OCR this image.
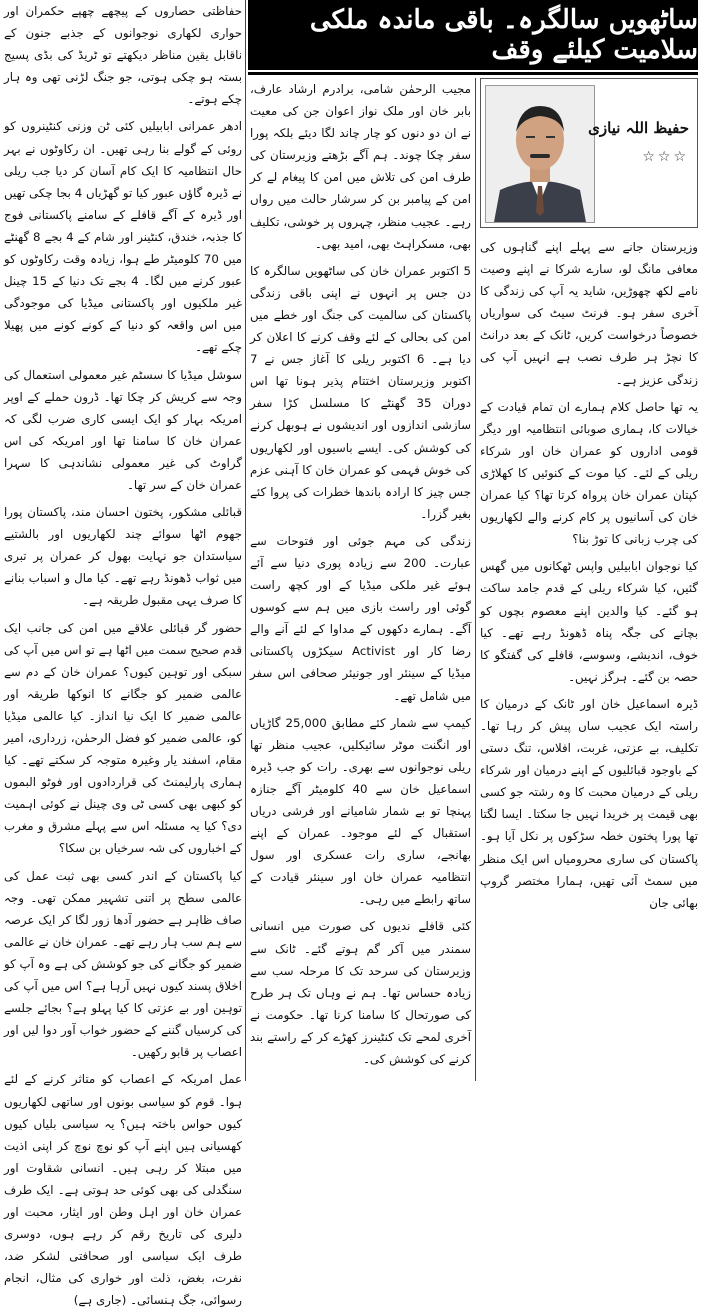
حفاظتی حصاروں کے پیچھے چھپے حکمران اور حواری لکھاری نوجوانوں کے جذبے جنون کے ناقابل یقین مناظر دیکھتے تو ٹریڈ کی بڈی پسیج بستہ ہو چکی ہوتی، جو جنگ لڑنی تھی وہ ہار چکے ہوتے۔

ادھر عمرانی ابابیلیں کئی ٹن وزنی کنٹینروں کو روئی کے گولے بنا رہی تھیں۔ ان رکاوٹوں نے بہر حال انتظامیہ کا ایک کام آسان کر دیا جب ریلی نے ڈیرہ گاؤں عبور کیا تو گھڑیاں 4 بجا چکی تھیں اور ڈیرہ کے آگے قافلے کے سامنے پاکستانی فوج کا جذبہ، خندق، کنٹینر اور شام کے 4 بجے 8 گھنٹے میں 70 کلومیٹر طے ہوا، زیادہ وقت رکاوٹوں کو عبور کرنے میں لگا۔ 4 بجے تک دنیا کے 15 چینل غیر ملکیوں اور پاکستانی میڈیا کی موجودگی میں اس واقعہ کو دنیا کے کونے کونے میں پھیلا چکے تھے۔

سوشل میڈیا کا سسٹم غیر معمولی استعمال کی وجہ سے کریش کر چکا تھا۔ ڈرون حملے کے اوپر امریکہ بہار کو ایک ایسی کاری ضرب لگی کہ عمران خان کا سامنا تھا اور امریکہ کی اس گراوٹ کی غیر معمولی نشاندہی کا سہرا عمران خان کے سر تھا۔

قبائلی مشکور، پختون احسان مند، پاکستان پورا جھوم اٹھا سوائے چند لکھاریوں اور بالشتیے سیاستدان جو نہایت بھول کر عمران پر تبری میں ثواب ڈھونڈ رہے تھے۔ کیا مال و اسباب بنانے کا صرف یہی مقبول طریقہ ہے۔

حضور گر قبائلی علاقے میں امن کی جانب ایک قدم صحیح سمت میں اٹھا ہے تو اس میں آپ کی سبکی اور توہین کیوں؟ عمران خان کے دم سے عالمی ضمیر کو جگانے کا انوکھا طریقہ اور عالمی ضمیر کا ایک نیا انداز۔ کیا عالمی میڈیا کو، عالمی ضمیر کو فضل الرحمٰن، زرداری، امیر مقام، اسفند یار وغیرہ متوجہ کر سکتے تھے۔ کیا ہماری پارلیمنٹ کی قراردادوں اور فوٹو البموں کو کبھی بھی کسی ٹی وی چینل نے کوئی اہمیت دی؟ کیا یہ مسئلہ اس سے پہلے مشرق و مغرب کے اخباروں کی شہ سرخیاں بن سکا؟

کیا پاکستان کے اندر کسی بھی ثبت عمل کی عالمی سطح پر اتنی تشہیر ممکن تھی۔ وجہ صاف ظاہر ہے حضور آدھا زور لگا کر ایک عرصہ سے ہم سب ہار رہے تھے۔ عمران خان نے عالمی ضمیر کو جگانے کی جو کوشش کی ہے وہ آپ کو اخلاق پسند کیوں نہیں آرہا ہے؟ اس میں آپ کی توہین اور بے عزتی کا کیا پہلو ہے؟ بجائے جلسے کی کرسیاں گننے کے حضور خواب آور دوا لیں اور اعصاب پر قابو رکھیں۔

عمل امریکہ کے اعصاب کو متاثر کرنے کے لئے ہوا۔ قوم کو سیاسی بونوں اور ساتھی لکھاریوں کیوں حواس باختہ ہیں؟ یہ سیاسی بلیاں کیوں کھسیانی ہیں اپنے آپ کو نوچ نوچ کر اپنی اذیت میں مبتلا کر رہی ہیں۔ انسانی شقاوت اور سنگدلی کی بھی کوئی حد ہوتی ہے۔ ایک طرف عمران خان اور اہل وطن اور ایثار، محبت اور دلیری کی تاریخ رقم کر رہے ہوں، دوسری طرف ایک سیاسی اور صحافتی لشکر ضد، نفرت، بغض، ذلت اور خواری کی مثال، انجام رسوائی، جگ ہنسائی۔ (جاری ہے)

ساٹھویں سالگرہ۔ باقی ماندہ ملکی سلامیت کیلئے وقف

مجیب الرحمٰن شامی، برادرم ارشاد عارف، بابر خان اور ملک نواز اعوان جن کی معیت نے ان دو دنوں کو چار چاند لگا دیئے بلکہ پورا سفر چکا چوند۔ ہم آگے بڑھتے وزیرستان کی طرف امن کی تلاش میں امن کا پیغام لے کر امن کے پیامبر بن کر سرشار حالت میں رواں رہے۔ عجیب منظر، چہروں پر خوشی، تکلیف بھی، مسکراہٹ بھی، امید بھی۔

5 اکتوبر عمران خان کی ساٹھویں سالگرہ کا دن جس پر انہوں نے اپنی باقی زندگی پاکستان کی سالمیت کی جنگ اور خطے میں امن کی بحالی کے لئے وقف کرنے کا اعلان کر دیا ہے۔ 6 اکتوبر ریلی کا آغاز جس نے 7 اکتوبر وزیرستان اختتام پذیر ہونا تھا اس دوران 35 گھنٹے کا مسلسل کڑا سفر سازشی اندازوں اور اندیشوں نے ہوبھل کرنے کی کوشش کی۔ ایسے باسیوں اور لکھاریوں کی خوش فہمی کو عمران خان کا آہنی عزم جس چیز کا ارادہ باندھا خطرات کی پروا کئے بغیر گزرا۔

زندگی کی مہم جوئی اور فتوحات سے عبارت۔ 200 سے زیادہ پوری دنیا سے آئے ہوئے غیر ملکی میڈیا کے اور کچھ راست گوئی اور راست بازی میں ہم سے کوسوں آگے۔ ہمارے دکھوں کے مداوا کے لئے آنے والے رضا کار اور Activist سیکڑوں پاکستانی میڈیا کے سینئر اور جونیئر صحافی اس سفر میں شامل تھے۔

کیمپ سے شمار کئے مطابق 25,000 گاڑیاں اور انگنت موٹر سائیکلیں، عجیب منظر تھا ریلی نوجوانوں سے بھری۔ رات کو جب ڈیرہ اسماعیل خان سے 40 کلومیٹر آگے جنازہ پہنچا تو بے شمار شامیانے اور فرشی دریاں استقبال کے لئے موجود۔ عمران کے اپنے بھانجے، ساری رات عسکری اور سول انتظامیہ عمران خان اور سینئر قیادت کے ساتھ رابطے میں رہی۔

کئی قافلے ندیوں کی صورت میں انسانی سمندر میں آکر گم ہوتے گئے۔ ٹانک سے وزیرستان کی سرحد تک کا مرحلہ سب سے زیادہ حساس تھا۔ ہم نے وہاں تک ہر طرح کی صورتحال کا سامنا کرنا تھا۔ حکومت نے آخری لمحے تک کنٹینرز کھڑے کر کے راستے بند کرنے کی کوشش کی۔

حفیظ اللہ نیازی
☆☆☆

وزیرستان جانے سے پہلے اپنے گناہوں کی معافی مانگ لو، سارے شرکا نے اپنے وصیت نامے لکھ چھوڑیں، شاید یہ آپ کی زندگی کا آخری سفر ہو۔ فرنٹ سیٹ کی سواریاں خصوصاً درخواست کریں، ٹانک کے بعد درانٹ کا نچڑ ہر طرف نصب ہے انہیں آپ کی زندگی عزیز ہے۔

یہ تھا حاصل کلام ہمارے ان تمام قیادت کے خیالات کا، ہماری صوبائی انتظامیہ اور دیگر قومی اداروں کو عمران خان اور شرکاء ریلی کے لئے۔ کیا موت کے کنوئیں کا کھلاڑی کپتان عمران خان پرواہ کرتا تھا؟ کیا عمران خان کی آسانیوں پر کام کرنے والے لکھاریوں کی چرب زبانی کا توڑ بنا؟

کیا نوجوان ابابیلیں واپس ٹھکانوں میں گھس گئیں، کیا شرکاء ریلی کے قدم جامد ساکت ہو گئے۔ کیا والدین اپنے معصوم بچوں کو بچانے کی جگہ پناہ ڈھونڈ رہے تھے۔ کیا خوف، اندیشے، وسوسے، قافلے کی گفتگو کا حصہ بن گئے۔ ہرگز نہیں۔

ڈیرہ اسماعیل خان اور ٹانک کے درمیان کا راستہ ایک عجیب ساں پیش کر رہا تھا۔ تکلیف، بے عزتی، غربت، افلاس، تنگ دستی کے باوجود قبائلیوں کے اپنے درمیان اور شرکاء ریلی کے درمیان محبت کا وہ رشتہ جو کسی بھی قیمت پر خریدا نہیں جا سکتا۔ ایسا لگتا تھا پورا پختون خطہ سڑکوں پر نکل آیا ہو۔ پاکستان کی ساری محرومیاں اس ایک منظر میں سمٹ آئی تھیں، ہمارا مختصر گروپ بھائی جان
